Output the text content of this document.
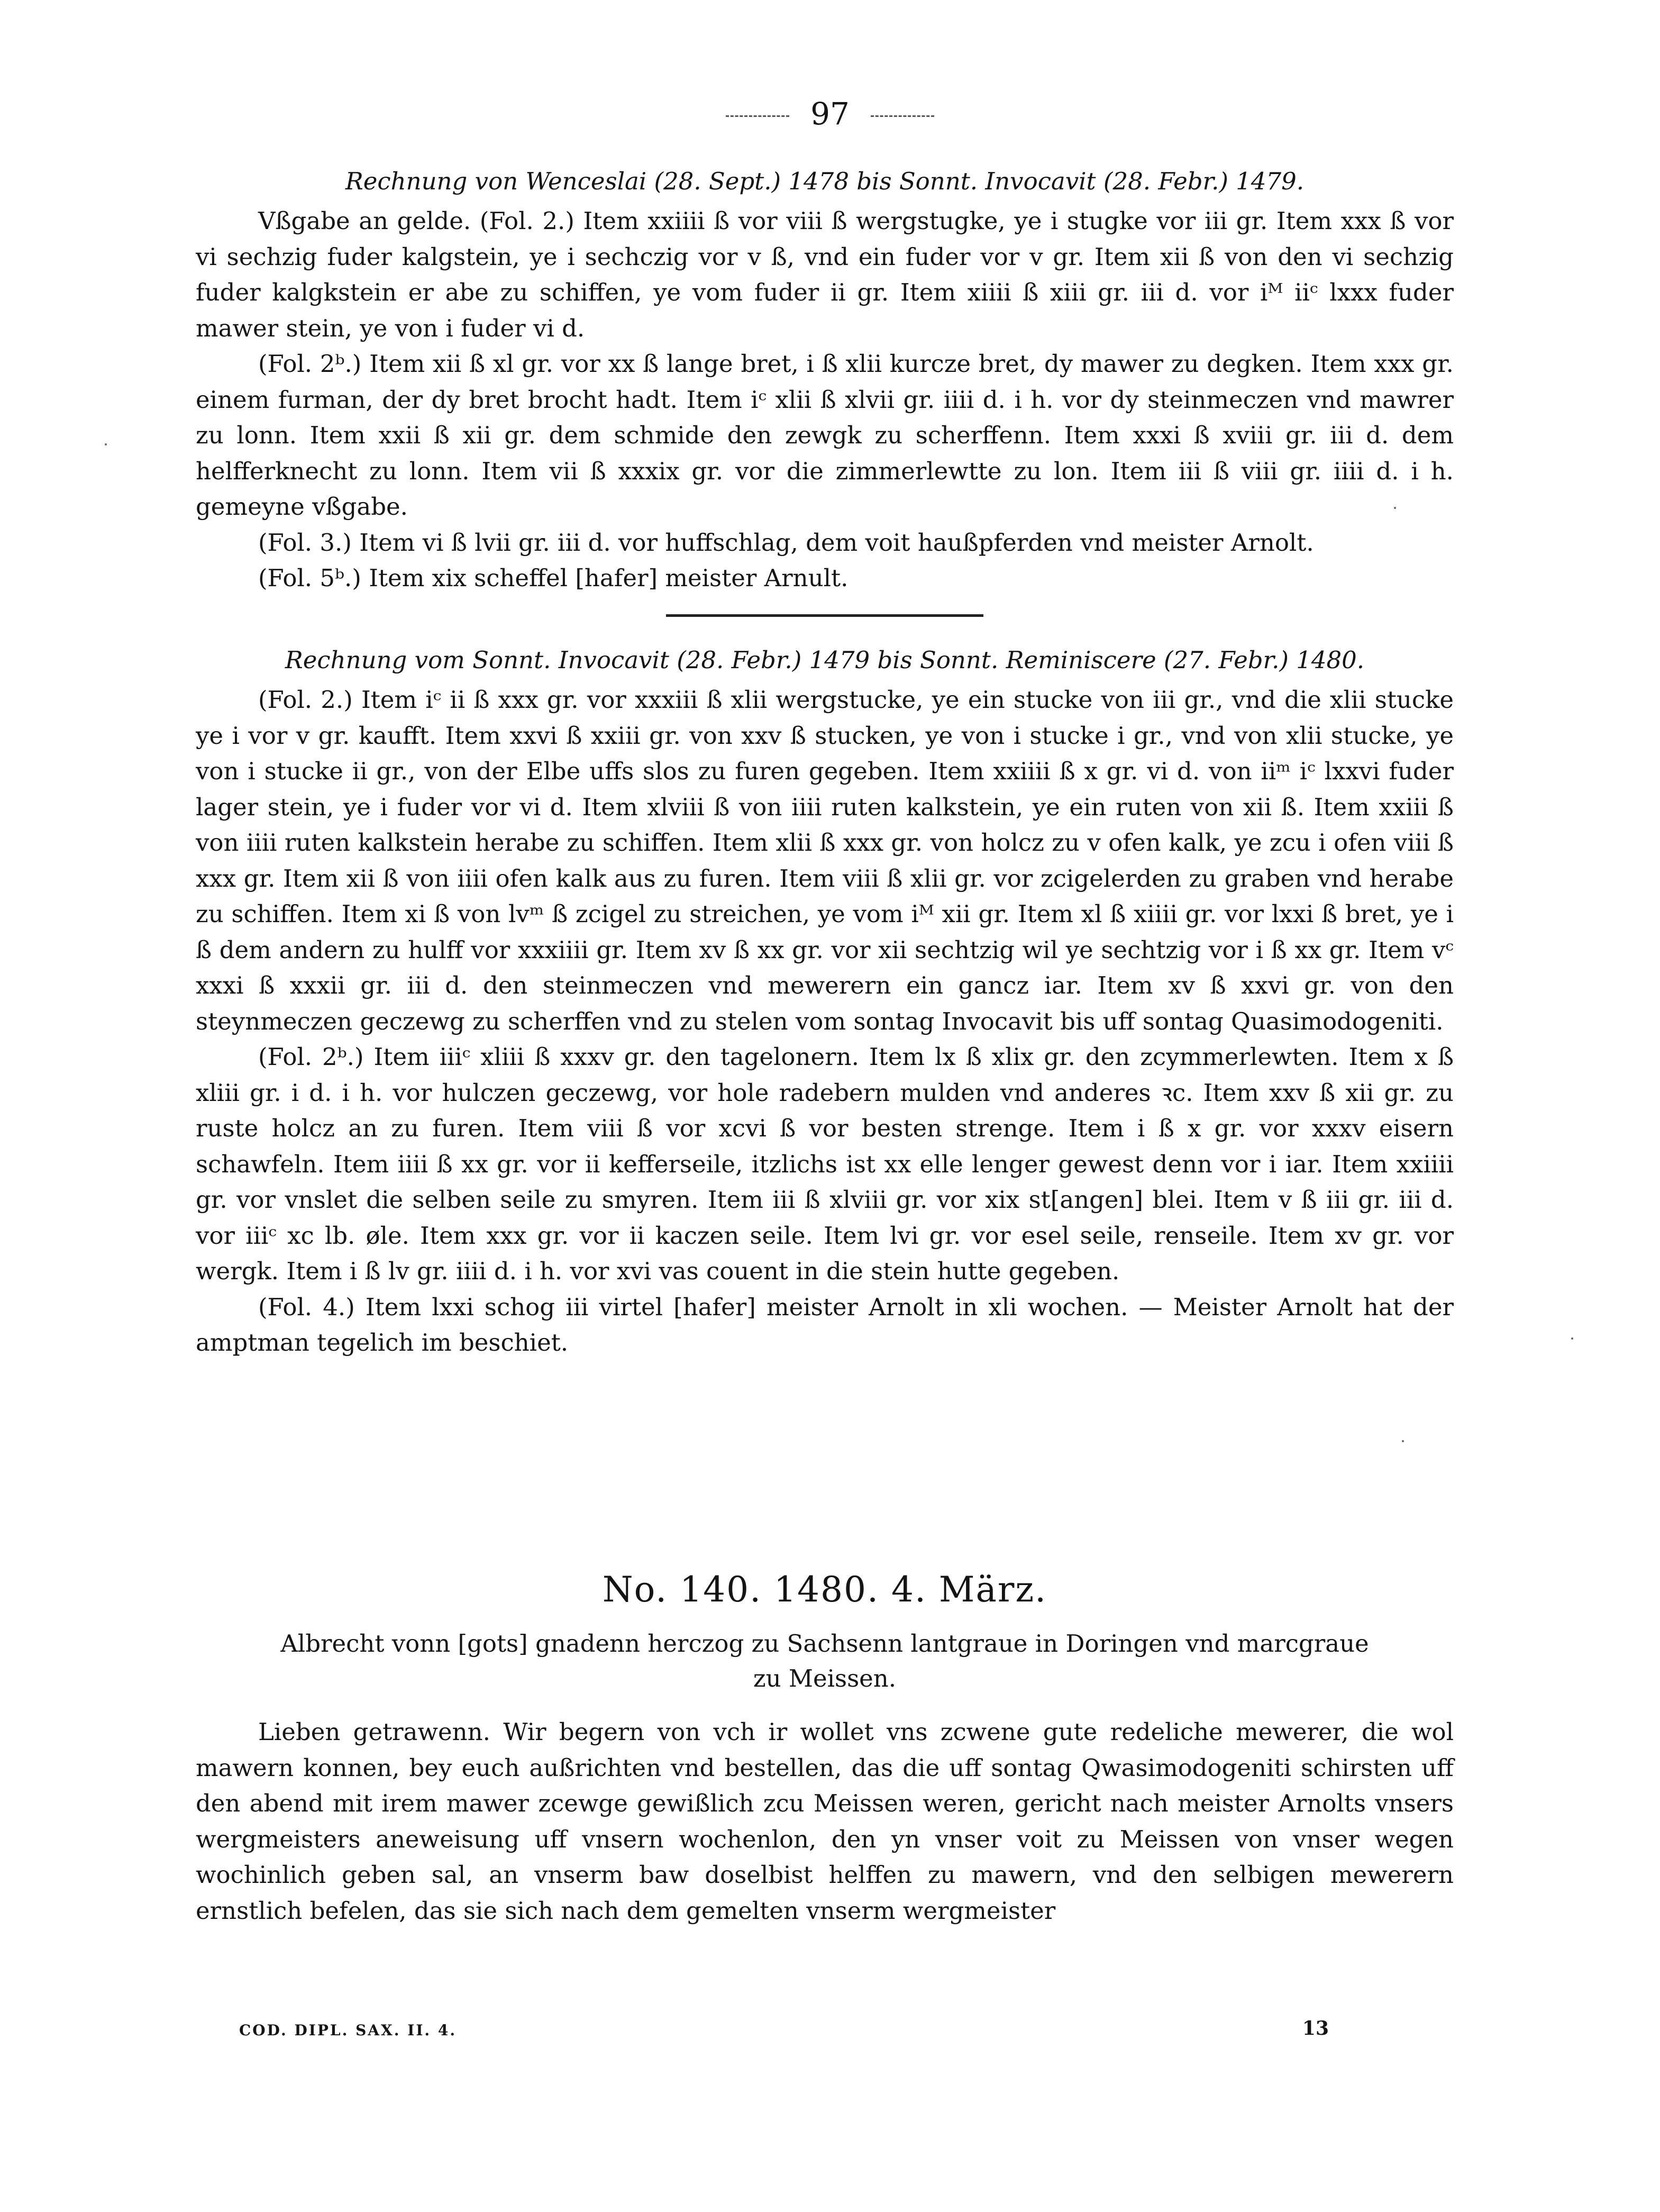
97

Rechnung von Wenceslai (28. Sept.) 1478 bis Sonnt. Invocavit (28. Febr.) 1479.

Vßgabe an gelde. (Fol. 2.) Item xxiiii ß vor viii ß wergstugke, ye i stugke vor iii gr. Item xxx ß vor vi sechzig fuder kalgstein, ye i sechczig vor v ß, vnd ein fuder vor v gr. Item xii ß von den vi sechzig fuder kalgkstein er abe zu schiffen, ye vom fuder ii gr. Item xiiii ß xiii gr. iii d. vor iᴹ iiᶜ lxxx fuder mawer stein, ye von i fuder vi d.

(Fol. 2ᵇ.) Item xii ß xl gr. vor xx ß lange bret, i ß xlii kurcze bret, dy mawer zu degken. Item xxx gr. einem furman, der dy bret brocht hadt. Item iᶜ xlii ß xlvii gr. iiii d. i h. vor dy steinmeczen vnd mawrer zu lonn. Item xxii ß xii gr. dem schmide den zewgk zu scherffenn. Item xxxi ß xviii gr. iii d. dem helfferknecht zu lonn. Item vii ß xxxix gr. vor die zimmerlewtte zu lon. Item iii ß viii gr. iiii d. i h. gemeyne vßgabe.

(Fol. 3.) Item vi ß lvii gr. iii d. vor huffschlag, dem voit haußpferden vnd meister Arnolt.

(Fol. 5ᵇ.) Item xix scheffel [hafer] meister Arnult.

Rechnung vom Sonnt. Invocavit (28. Febr.) 1479 bis Sonnt. Reminiscere (27. Febr.) 1480.

(Fol. 2.) Item iᶜ ii ß xxx gr. vor xxxiii ß xlii wergstucke, ye ein stucke von iii gr., vnd die xlii stucke ye i vor v gr. kaufft. Item xxvi ß xxiii gr. von xxv ß stucken, ye von i stucke i gr., vnd von xlii stucke, ye von i stucke ii gr., von der Elbe uffs slos zu furen gegeben. Item xxiiii ß x gr. vi d. von iiᵐ iᶜ lxxvi fuder lager stein, ye i fuder vor vi d. Item xlviii ß von iiii ruten kalkstein, ye ein ruten von xii ß. Item xxiii ß von iiii ruten kalkstein herabe zu schiffen. Item xlii ß xxx gr. von holcz zu v ofen kalk, ye zcu i ofen viii ß xxx gr. Item xii ß von iiii ofen kalk aus zu furen. Item viii ß xlii gr. vor zcigelerden zu graben vnd herabe zu schiffen. Item xi ß von lvᵐ ß zcigel zu streichen, ye vom iᴹ xii gr. Item xl ß xiiii gr. vor lxxi ß bret, ye i ß dem andern zu hulff vor xxxiiii gr. Item xv ß xx gr. vor xii sechtzig wil ye sechtzig vor i ß xx gr. Item vᶜ xxxi ß xxxii gr. iii d. den steinmeczen vnd mewerern ein gancz iar. Item xv ß xxvi gr. von den steynmeczen geczewg zu scherffen vnd zu stelen vom sontag Invocavit bis uff sontag Quasimodogeniti.

(Fol. 2ᵇ.) Item iiiᶜ xliii ß xxxv gr. den tagelonern. Item lx ß xlix gr. den zcymmerlewten. Item x ß xliii gr. i d. i h. vor hulczen geczewg, vor hole radebern mulden vnd anderes ꝛc. Item xxv ß xii gr. zu ruste holcz an zu furen. Item viii ß vor xcvi ß vor besten strenge. Item i ß x gr. vor xxxv eisern schawfeln. Item iiii ß xx gr. vor ii kefferseile, itzlichs ist xx elle lenger gewest denn vor i iar. Item xxiiii gr. vor vnslet die selben seile zu smyren. Item iii ß xlviii gr. vor xix st[angen] blei. Item v ß iii gr. iii d. vor iiiᶜ xc lb. øle. Item xxx gr. vor ii kaczen seile. Item lvi gr. vor esel seile, renseile. Item xv gr. vor wergk. Item i ß lv gr. iiii d. i h. vor xvi vas couent in die stein hutte gegeben.

(Fol. 4.) Item lxxi schog iii virtel [hafer] meister Arnolt in xli wochen. — Meister Arnolt hat der amptman tegelich im beschiet.

No. 140. 1480. 4. März.

Albrecht vonn [gots] gnadenn herczog zu Sachsenn lantgraue in Doringen vnd marcgraue zu Meissen.

Lieben getrawenn. Wir begern von vch ir wollet vns zcwene gute redeliche mewerer, die wol mawern konnen, bey euch außrichten vnd bestellen, das die uff sontag Qwasimodogeniti schirsten uff den abend mit irem mawer zcewge gewißlich zcu Meissen weren, gericht nach meister Arnolts vnsers wergmeisters aneweisung uff vnsern wochenlon, den yn vnser voit zu Meissen von vnser wegen wochinlich geben sal, an vnserm baw doselbist helffen zu mawern, vnd den selbigen mewerern ernstlich befelen, das sie sich nach dem gemelten vnserm wergmeister

COD. DIPL. SAX. II. 4.	13
